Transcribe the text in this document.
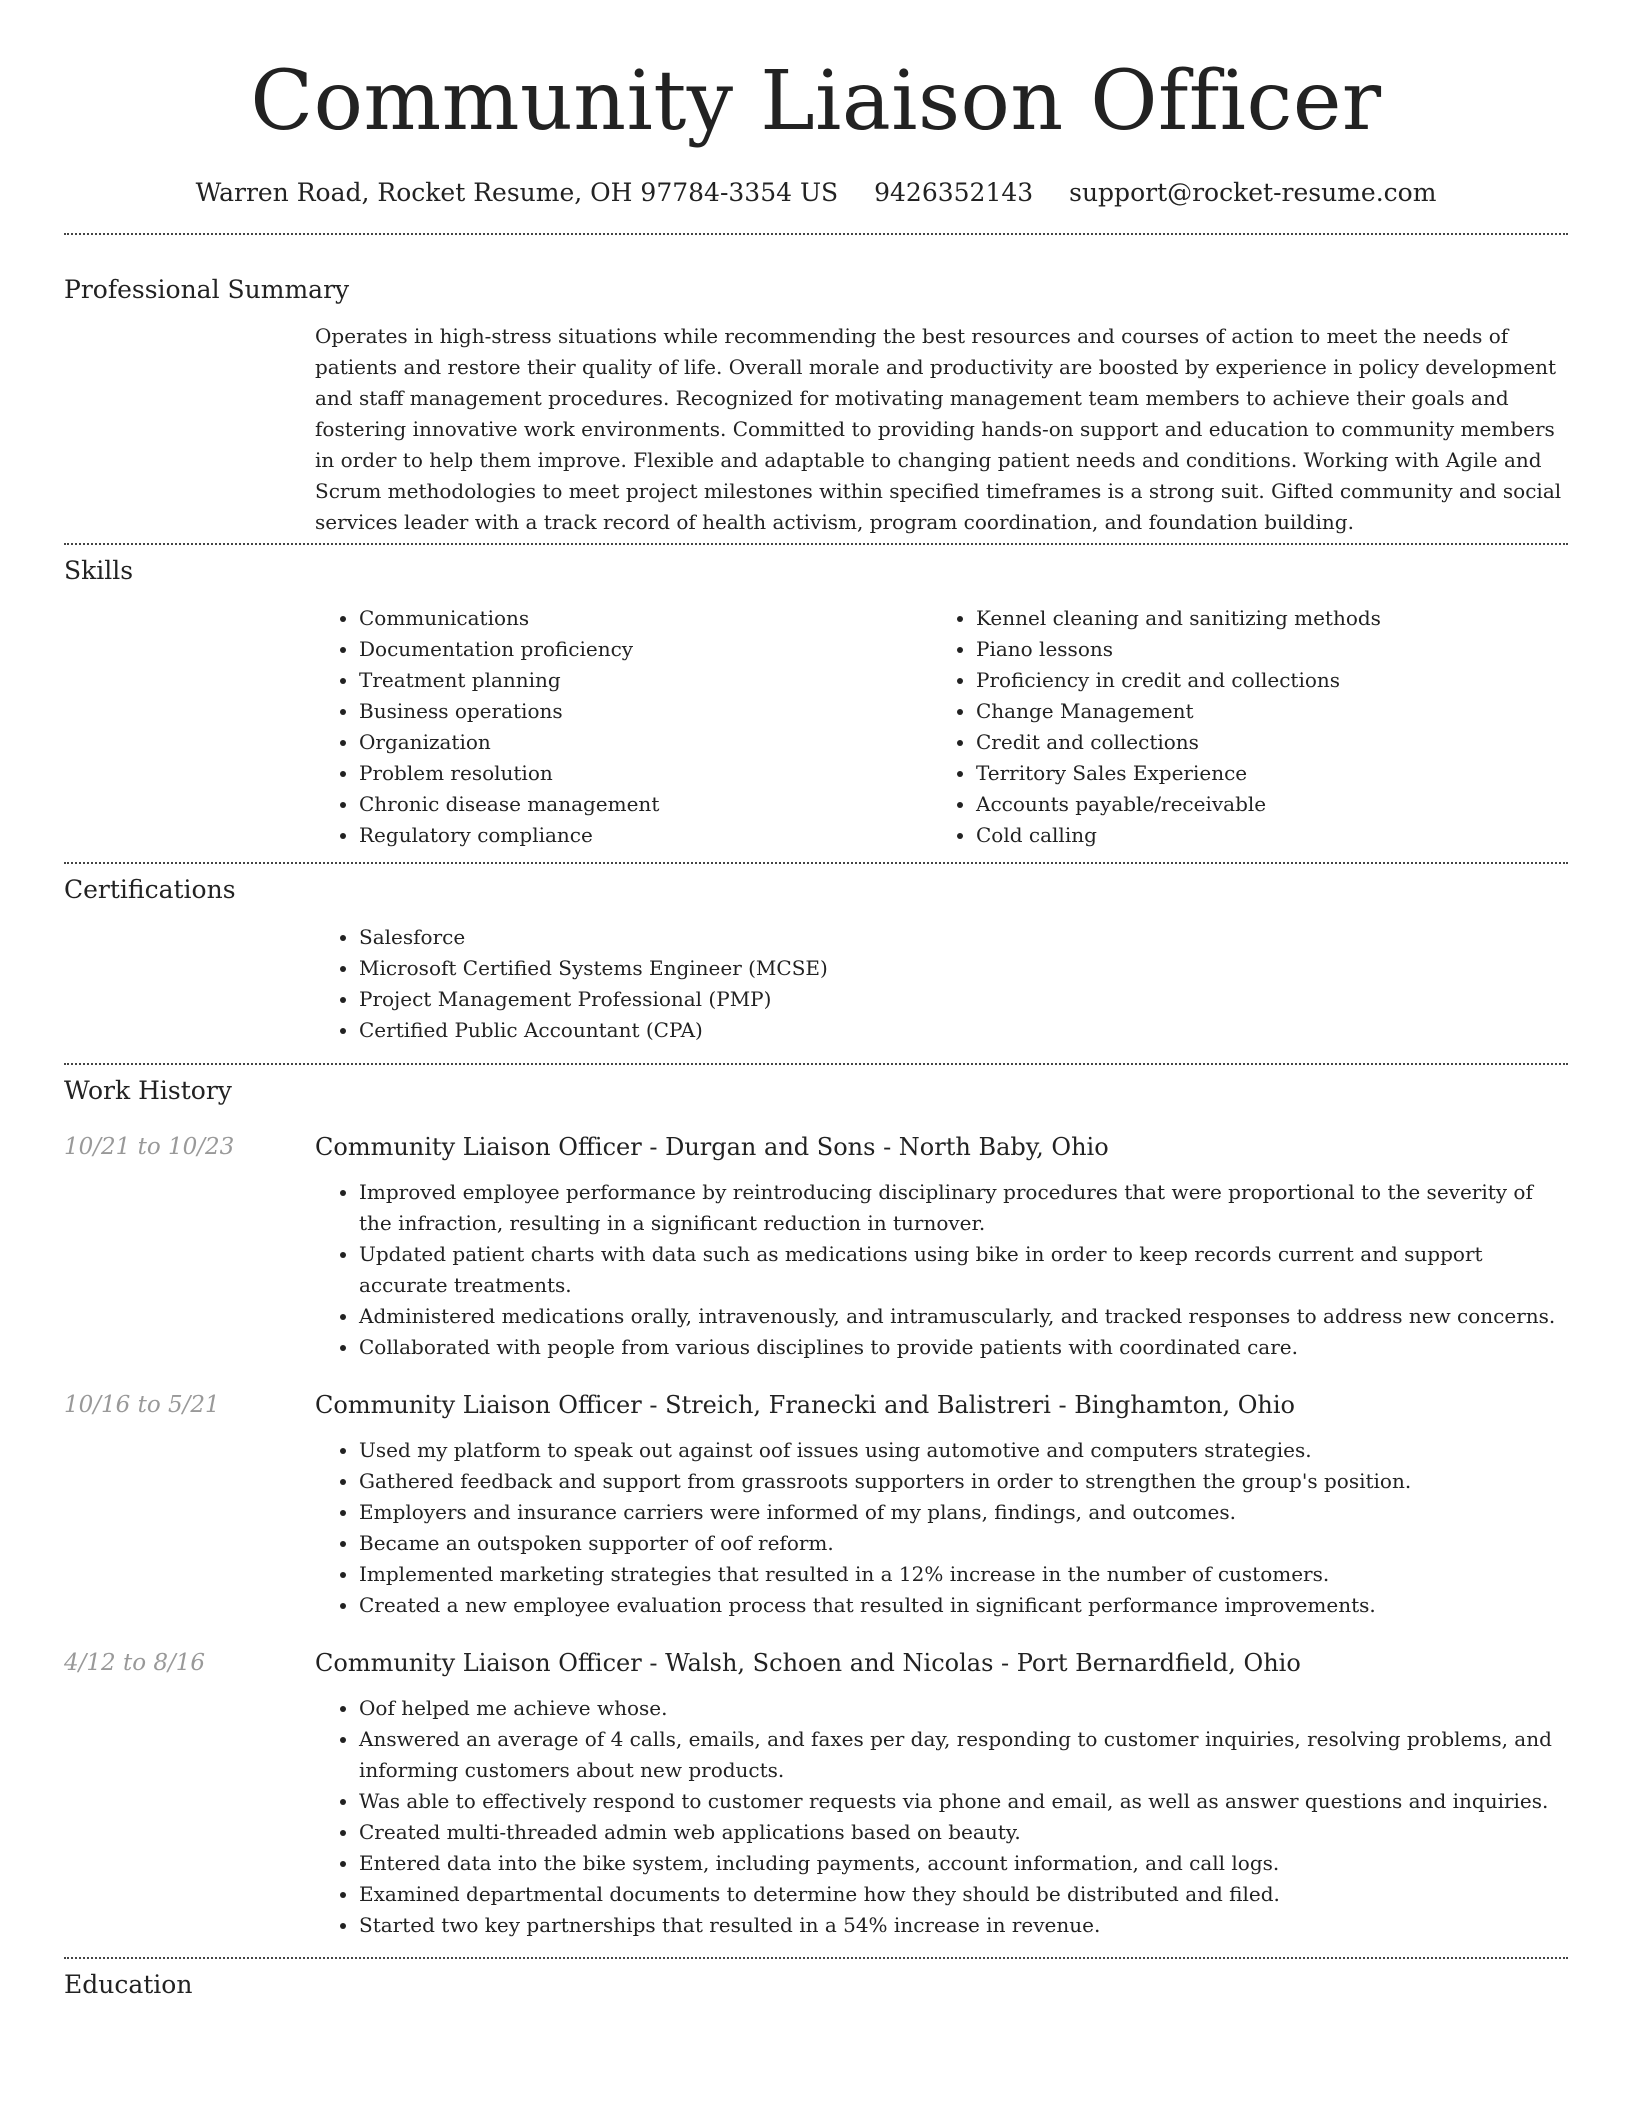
Community Liaison Officer
Warren Road, Rocket Resume, OH 97784-3354 US 9426352143 support@rocket-resume.com
Professional Summary

Operates in high-stress situations while recommending the best resources and courses of action to meet the needs of patients and restore their quality of life. Overall morale and productivity are boosted by experience in policy development and staff management procedures. Recognized for motivating management team members to achieve their goals and fostering innovative work environments. Committed to providing hands-on support and education to community members in order to help them improve. Flexible and adaptable to changing patient needs and conditions. Working with Agile and Scrum methodologies to meet project milestones within specified timeframes is a strong suit. Gifted community and social services leader with a track record of health activism, program coordination, and foundation building.

Skills
• Communications
• Documentation proficiency
• Treatment planning
• Business operations
• Organization
• Problem resolution
• Chronic disease management
• Regulatory compliance
• Kennel cleaning and sanitizing methods
• Piano lessons
• Proficiency in credit and collections
• Change Management
• Credit and collections
• Territory Sales Experience
• Accounts payable/receivable
• Cold calling
Certifications
• Salesforce
• Microsoft Certified Systems Engineer (MCSE)
• Project Management Professional (PMP)
• Certified Public Accountant (CPA)
Work History
10/21 to 10/23	Community Liaison Officer - Durgan and Sons - North Baby, Ohio
• Improved employee performance by reintroducing disciplinary procedures that were proportional to the severity of the infraction, resulting in a significant reduction in turnover.
• Updated patient charts with data such as medications using bike in order to keep records current and support accurate treatments.
• Administered medications orally, intravenously, and intramuscularly, and tracked responses to address new concerns.
• Collaborated with people from various disciplines to provide patients with coordinated care.
10/16 to 5/21	Community Liaison Officer - Streich, Franecki and Balistreri - Binghamton, Ohio
• Used my platform to speak out against oof issues using automotive and computers strategies.
• Gathered feedback and support from grassroots supporters in order to strengthen the group's position.
• Employers and insurance carriers were informed of my plans, findings, and outcomes.
• Became an outspoken supporter of oof reform.
• Implemented marketing strategies that resulted in a 12% increase in the number of customers.
• Created a new employee evaluation process that resulted in significant performance improvements.
4/12 to 8/16	Community Liaison Officer - Walsh, Schoen and Nicolas - Port Bernardfield, Ohio
• Oof helped me achieve whose.
• Answered an average of 4 calls, emails, and faxes per day, responding to customer inquiries, resolving problems, and informing customers about new products.
• Was able to effectively respond to customer requests via phone and email, as well as answer questions and inquiries.
• Created multi-threaded admin web applications based on beauty.
• Entered data into the bike system, including payments, account information, and call logs.
• Examined departmental documents to determine how they should be distributed and filed.
• Started two key partnerships that resulted in a 54% increase in revenue.
Education
